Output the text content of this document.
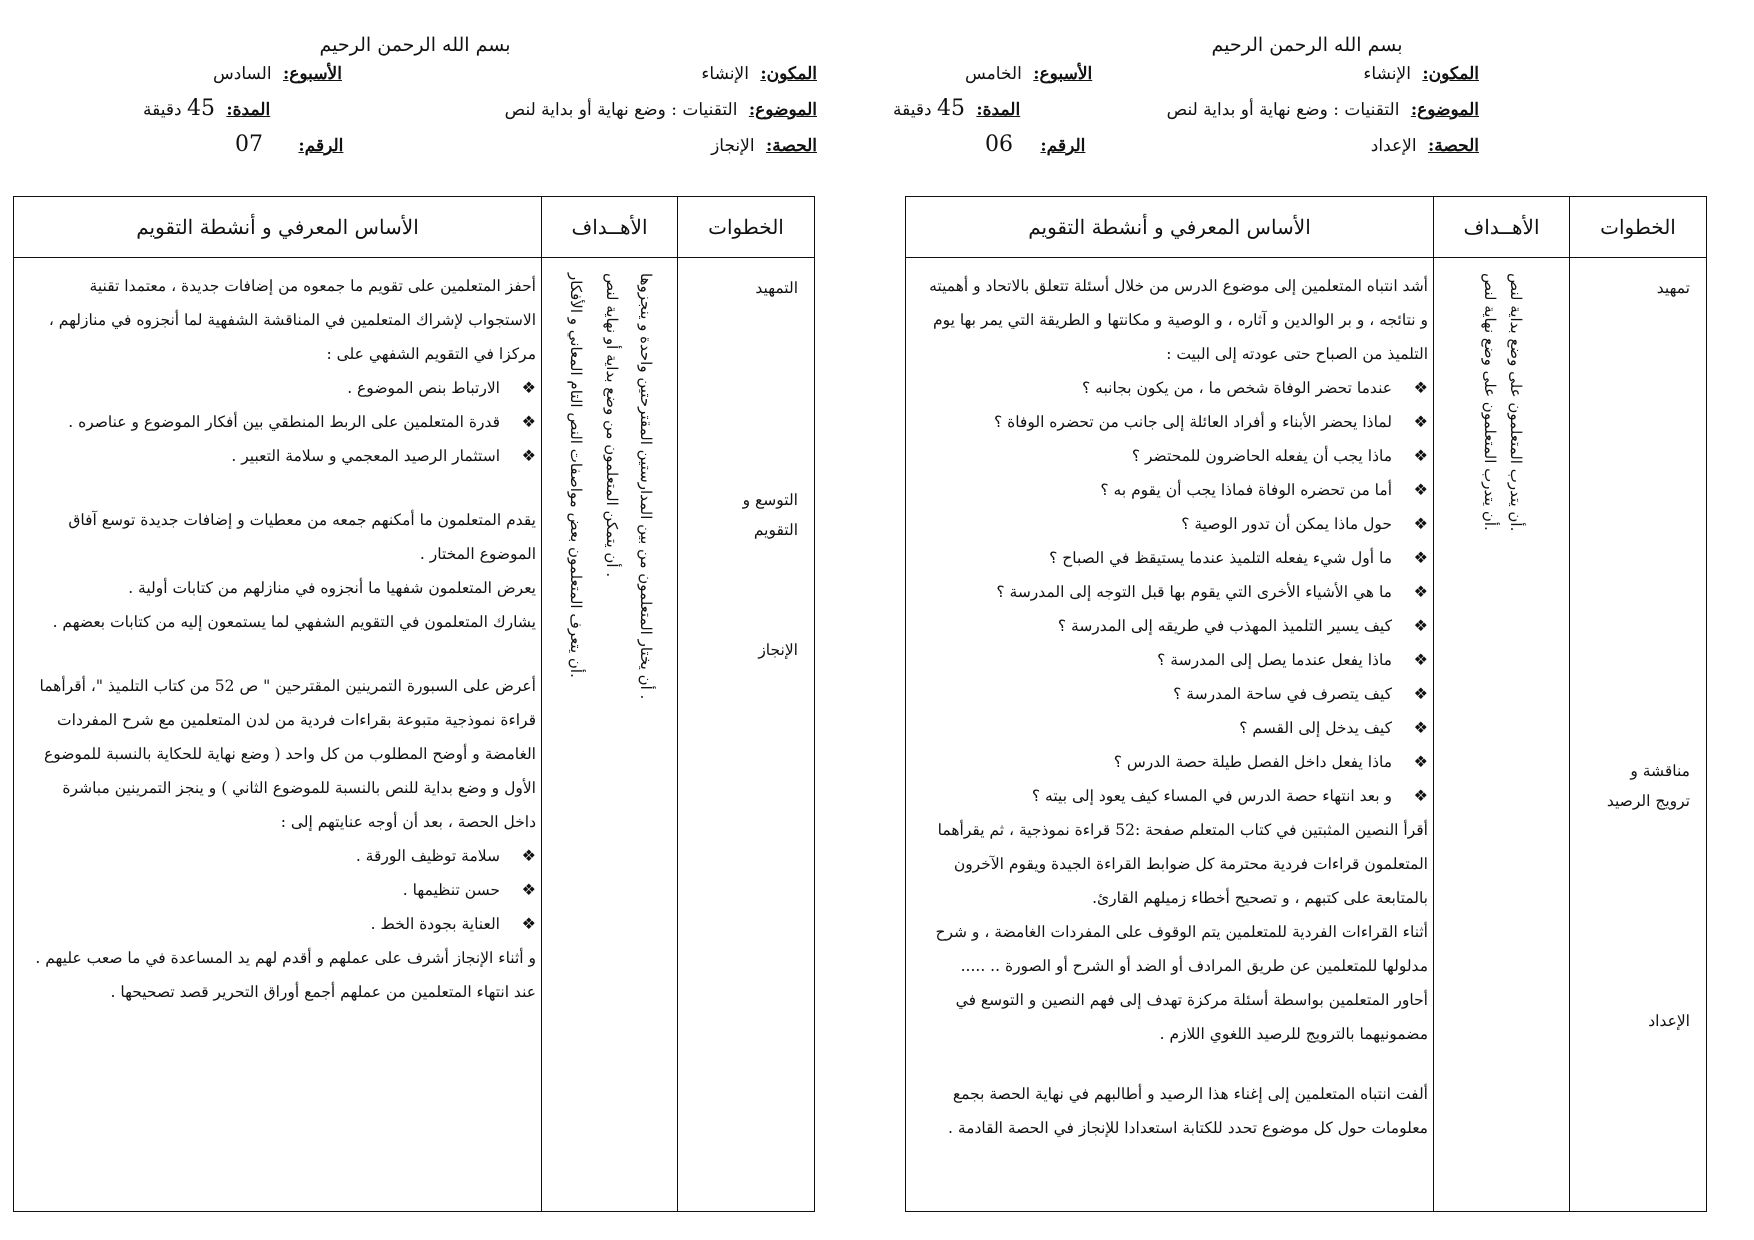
بسم الله الرحمن الرحيم
المكون: الإنشاء
الأسبوع: الخامس
الموضوع: التقنيات : وضع نهاية أو بداية لنص
المدة: 45 دقيقة
الحصة: الإعداد
الرقم: 06
الخطوات
الأهــداف
الأساس المعرفي و أنشطة التقويم
تمهيد
مناقشة و
ترويج الرصيد
الإعداد
أن يتدرب المتعلمون على وضع بداية لنص.
أن يتدرب المتعلمون على وضع نهاية لنص.

أشد انتباه المتعلمين إلى موضوع الدرس من خلال أسئلة تتعلق بالاتحاد و أهميته و نتائجه ، و بر الوالدين و آثاره ، و الوصية و مكانتها و الطريقة التي يمر بها يوم التلميذ من الصباح حتى عودته إلى البيت :

❖
عندما تحضر الوفاة شخص ما ، من يكون بجانبه ؟
❖
لماذا يحضر الأبناء و أفراد العائلة إلى جانب من تحضره الوفاة ؟
❖
ماذا يجب أن يفعله الحاضرون للمحتضر ؟
❖
أما من تحضره الوفاة فماذا يجب أن يقوم به ؟
❖
حول ماذا يمكن أن تدور الوصية ؟
❖
ما أول شيء يفعله التلميذ عندما يستيقظ في الصباح ؟
❖
ما هي الأشياء الأخرى التي يقوم بها قبل التوجه إلى المدرسة ؟
❖
كيف يسير التلميذ المهذب في طريقه إلى المدرسة ؟
❖
ماذا يفعل عندما يصل إلى المدرسة ؟
❖
كيف يتصرف في ساحة المدرسة ؟
❖
كيف يدخل إلى القسم ؟
❖
ماذا يفعل داخل الفصل طيلة حصة الدرس ؟
❖
و بعد انتهاء حصة الدرس في المساء كيف يعود إلى بيته ؟

أقرأ النصين المثبتين في كتاب المتعلم صفحة :52 قراءة نموذجية ، ثم يقرأهما المتعلمون قراءات فردية محترمة كل ضوابط القراءة الجيدة ويقوم الآخرون بالمتابعة على كتبهم ، و تصحيح أخطاء زميلهم القارئ.

أثناء القراءات الفردية للمتعلمين يتم الوقوف على المفردات الغامضة ، و شرح مدلولها للمتعلمين عن طريق المرادف أو الضد أو الشرح أو الصورة .. .....

أحاور المتعلمين بواسطة أسئلة مركزة تهدف إلى فهم النصين و التوسع في مضمونيهما بالترويج للرصيد اللغوي اللازم .

ألفت انتباه المتعلمين إلى إغناء هذا الرصيد و أطالبهم في نهاية الحصة بجمع معلومات حول كل موضوع تحدد للكتابة استعدادا للإنجاز في الحصة القادمة .

بسم الله الرحمن الرحيم
المكون: الإنشاء
الأسبوع: السادس
الموضوع: التقنيات : وضع نهاية أو بداية لنص
المدة: 45 دقيقة
الحصة: الإنجاز
الرقم: 07
الخطوات
الأهــداف
الأساس المعرفي و أنشطة التقويم
التمهيد
التوسع و
التقويم
الإنجاز
أن يختار المتعلمون من بين المدارستين المقترحتين واحدة و ينجزوها .
أن يتمكن المتعلمون من وضع بداية أو نهاية لنص .
أن يتعرف المتعلمون بعض مواصفات النص التام المعاني و الأفكار.

أحفز المتعلمين على تقويم ما جمعوه من إضافات جديدة ، معتمدا تقنية الاستجواب لإشراك المتعلمين في المناقشة الشفهية لما أنجزوه في منازلهم ، مركزا في التقويم الشفهي على :

❖
الارتباط بنص الموضوع .
❖
قدرة المتعلمين على الربط المنطقي بين أفكار الموضوع و عناصره .
❖
استثمار الرصيد المعجمي و سلامة التعبير .

يقدم المتعلمون ما أمكنهم جمعه من معطيات و إضافات جديدة توسع آفاق الموضوع المختار .

يعرض المتعلمون شفهيا ما أنجزوه في منازلهم من كتابات أولية .

يشارك المتعلمون في التقويم الشفهي لما يستمعون إليه من كتابات بعضهم .

أعرض على السبورة التمرينين المقترحين " ص 52 من كتاب التلميذ "، أقرأهما قراءة نموذجية متبوعة بقراءات فردية من لدن المتعلمين مع شرح المفردات الغامضة و أوضح المطلوب من كل واحد ( وضع نهاية للحكاية بالنسبة للموضوع الأول و وضع بداية للنص بالنسبة للموضوع الثاني ) و ينجز التمرينين مباشرة داخل الحصة ، بعد أن أوجه عنايتهم إلى :

❖
سلامة توظيف الورقة .
❖
حسن تنظيمها .
❖
العناية بجودة الخط .

و أثناء الإنجاز أشرف على عملهم و أقدم لهم يد المساعدة في ما صعب عليهم .

عند انتهاء المتعلمين من عملهم أجمع أوراق التحرير قصد تصحيحها .
